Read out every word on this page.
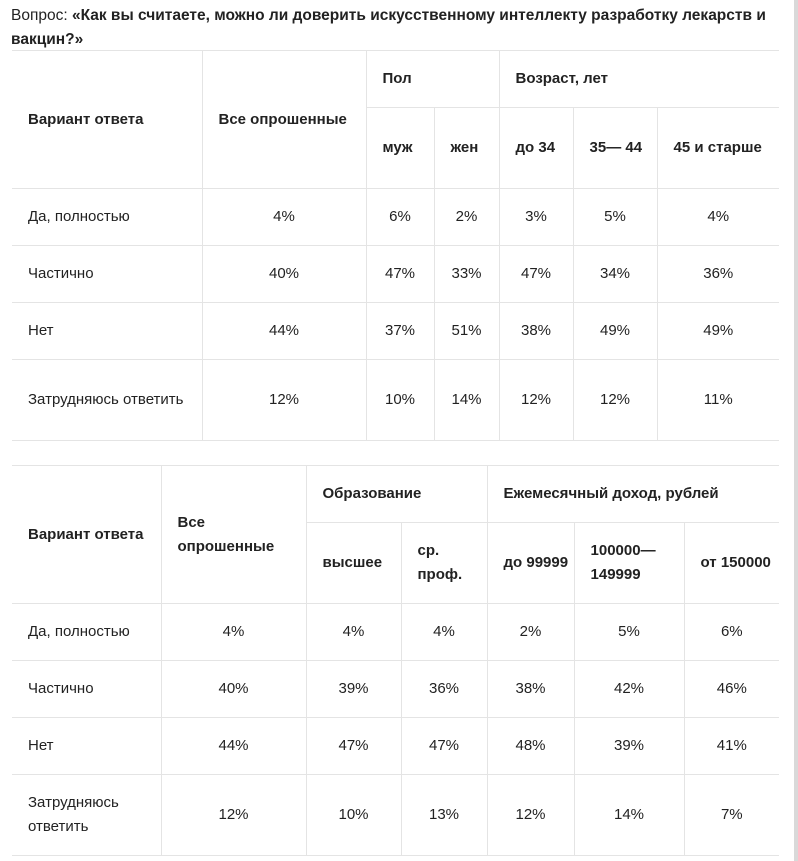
Вопрос: «Как вы считаете, можно ли доверить искусственному интеллекту разработку лекарств и вакцин?»
Вариант ответа	Все опрошенные	Пол		Возраст, лет		
		муж	жен	до 34	35— 44	45 и старше
Да, полностью	4%	6%	2%	3%	5%	4%
Частично	40%	47%	33%	47%	34%	36%
Нет	44%	37%	51%	38%	49%	49%
Затрудняюсь ответить	12%	10%	14%	12%	12%	11%
Вариант ответа	Все опрошенные	Образование		Ежемесячный доход, рублей		
		высшее	ср. проф.	до 99999	100000— 149999	от 150000
Да, полностью	4%	4%	4%	2%	5%	6%
Частично	40%	39%	36%	38%	42%	46%
Нет	44%	47%	47%	48%	39%	41%
Затрудняюсь ответить	12%	10%	13%	12%	14%	7%
